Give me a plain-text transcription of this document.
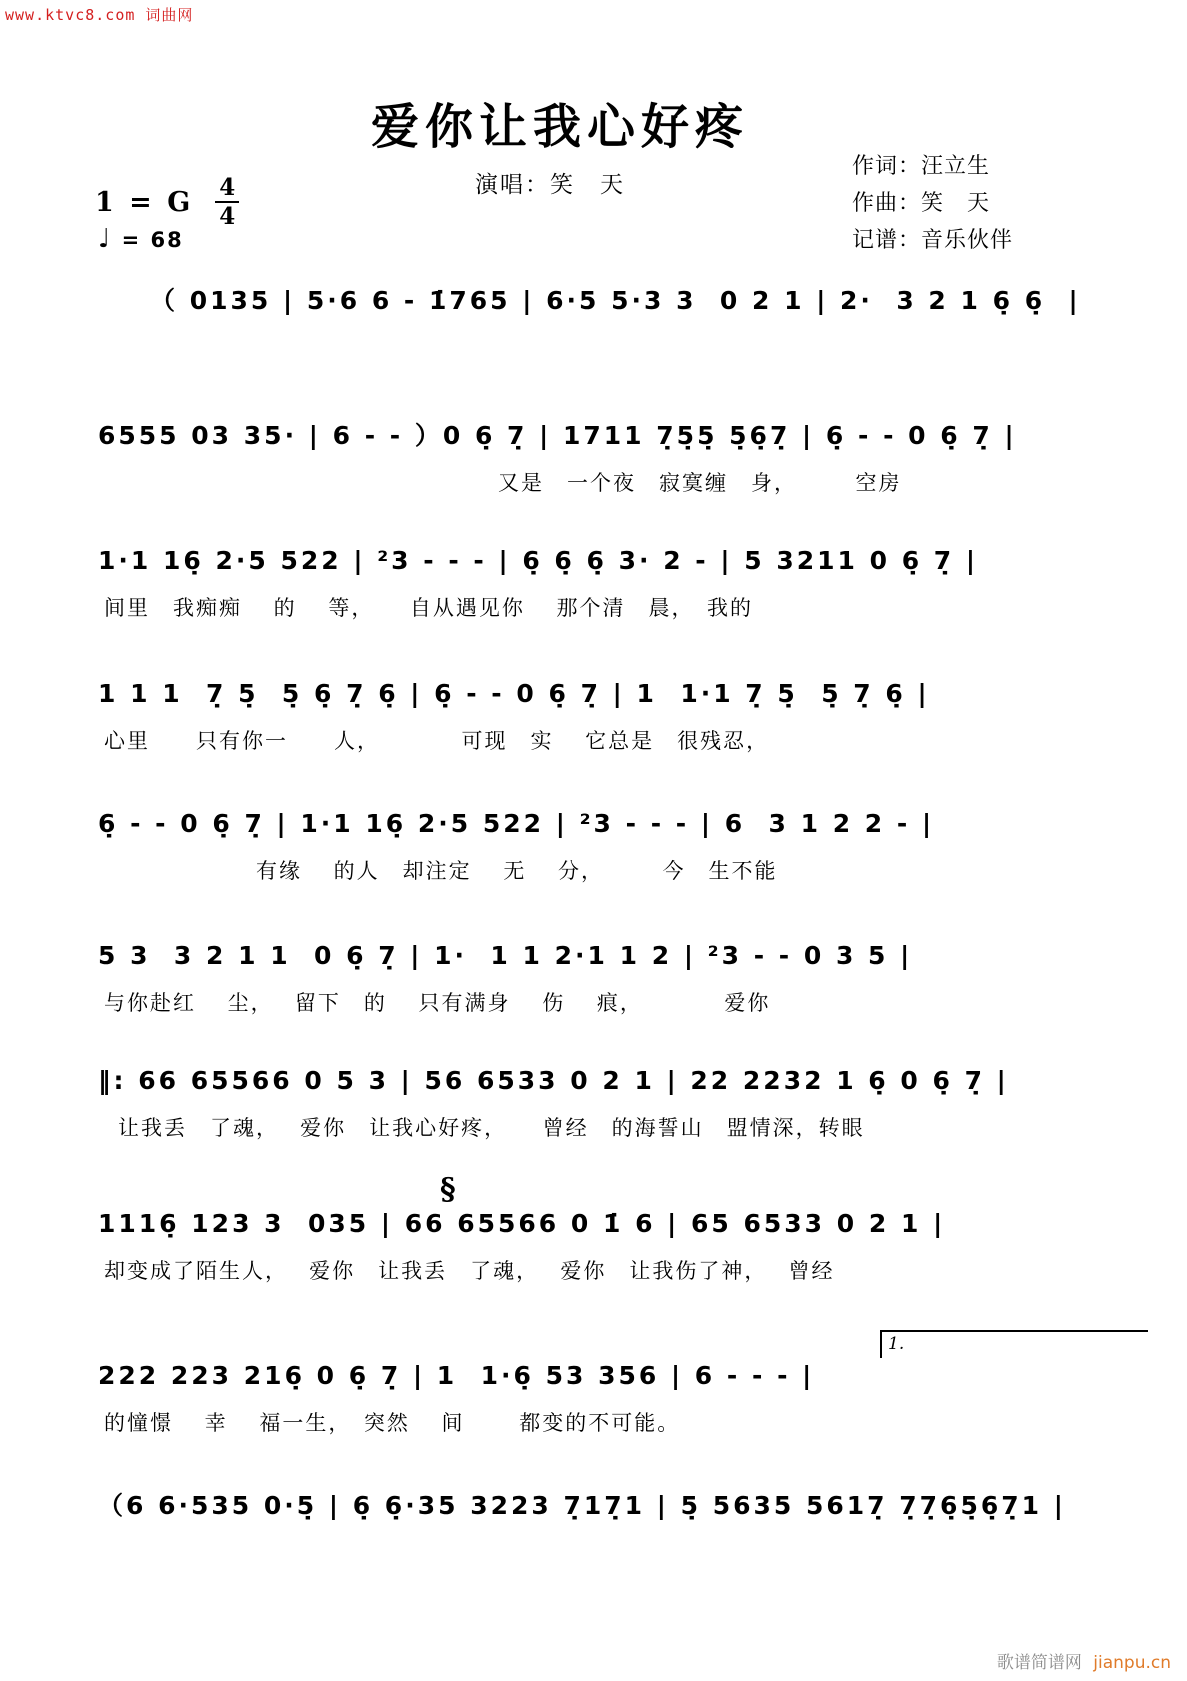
www.ktvc8.com 词曲网
爱你让我心好疼
演唱：笑　天
作词：汪立生
作曲：笑　天
记谱：音乐伙伴
1 = G $\frac{4}{4}$
♩ = 68
（ 0135 | 5·6 6 - 1̇765 | 6·5 5·3 3  0 2 1 | 2·  3 2 1 6̣ 6̣  |
6555 03 35· | 6 - - ）0 6̣ 7̣ | 1711 7̣5̣5̣ 5̣6̣7̣ | 6̣ - - 0 6̣ 7̣ |
又是　一个夜　寂寞缠　身，　　　空房
1·1 16̣ 2·5 522 | ²3 - - - | 6̣ 6̣ 6̣ 3· 2 - | 5 3211 0 6̣ 7̣ |
间里　我痴痴　 的　 等，　　自从遇见你　 那个清　晨，　我的
1 1 1  7̣ 5̣  5̣ 6̣ 7̣ 6̣ | 6̣ - - 0 6̣ 7̣ | 1  1·1 7̣ 5̣  5̣ 7̣ 6̣ |
心里　　只有你一　　人，　　　　可现　实　 它总是　很残忍，
6̣ - - 0 6̣ 7̣ | 1·1 16̣ 2·5 522 | ²3 - - - | 6  3 1 2 2 - |
有缘　 的人　却注定　 无　 分，　　　今　生不能
5 3  3 2 1 1  0 6̣ 7̣ | 1·  1 1 2·1 1 2 | ²3 - - 0 3 5 |
与你赴红　 尘，　 留下　的　 只有满身　 伤　 痕，　　　　爱你
‖: 66 65566 0 5 3 | 56 6533 0 2 1 | 22 2232 1 6̣ 0 6̣ 7̣ |
让我丢　了魂，　 爱你　让我心好疼，　　曾经　的海誓山　盟情深，转眼
1116̣ 123 3  035 | 66 65566 0 1̇ 6 | 65 6533 0 2 1 |
却变成了陌生人，　 爱你　让我丢　了魂，　 爱你　让我伤了神，　 曾经
222 223 216̣ 0 6̣ 7̣ | 1  1·6̣ 53 356 | 6 - - - |
的憧憬　 幸　 福一生，　突然　 间　　 都变的不可能。
（6 6·535 0·5̣ | 6̣ 6̣·35 3223 7̣17̣1 | 5̣ 5635 5617̣ 7̣7̣6̣5̣6̣7̣1 |
§
1.
歌谱简谱网 jianpu.cn
